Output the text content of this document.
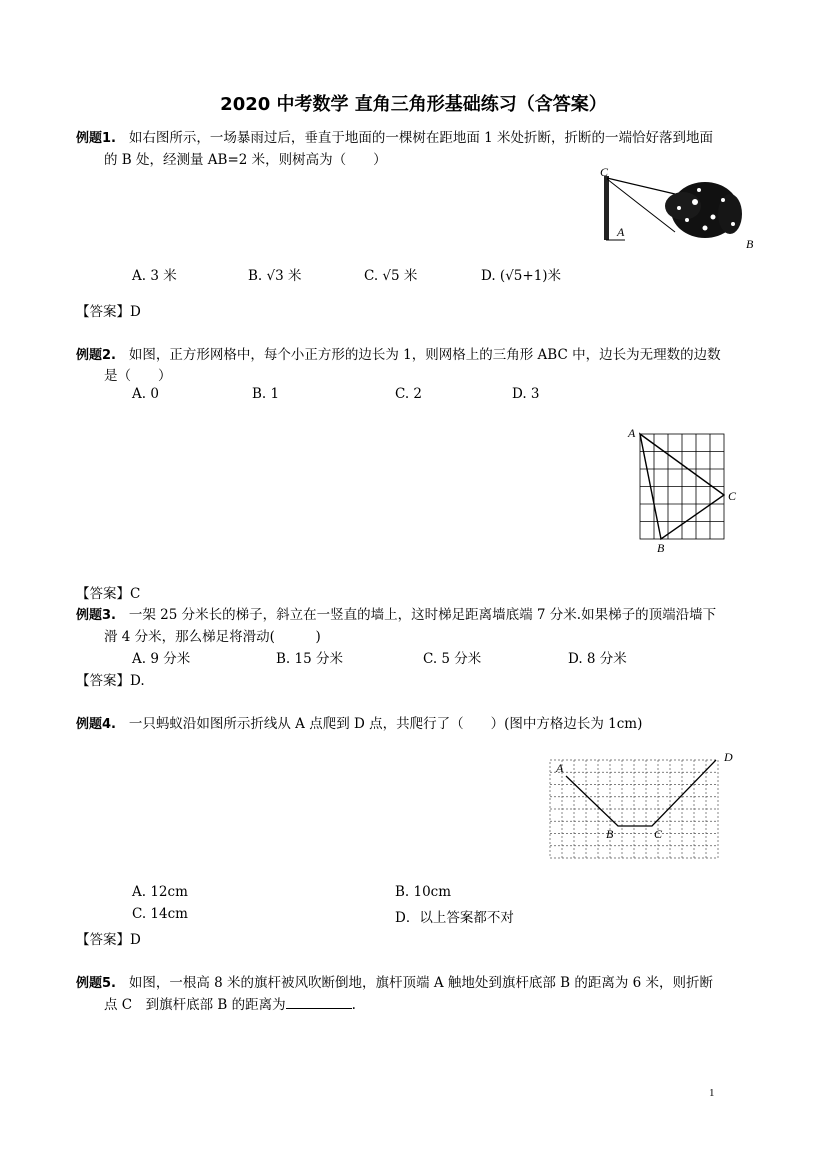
2020 中考数学 直角三角形基础练习（含答案）
例题1. 如右图所示，一场暴雨过后，垂直于地面的一棵树在距地面 1 米处折断，折断的一端恰好落到地面
的 B 处，经测量 AB=2 米，则树高为（　　）
C
A
B
A. 3 米	B. √3 米	C. √5 米	D. (√5+1)米
【答案】D
例题2. 如图，正方形网格中，每个小正方形的边长为 1，则网格上的三角形 ABC 中，边长为无理数的边数
是（　　）
A. 0	B. 1	C. 2	D. 3
A
C
B
【答案】C
例题3. 一架 25 分米长的梯子，斜立在一竖直的墙上，这时梯足距离墙底端 7 分米.如果梯子的顶端沿墙下
滑 4 分米，那么梯足将滑动(　　　)
A. 9 分米	B. 15 分米	C. 5 分米	D. 8 分米
【答案】D.
例题4. 一只蚂蚁沿如图所示折线从 A 点爬到 D 点，共爬行了（　　）(图中方格边长为 1cm)
A
B	C
D
A. 12cm	B. 10cm
C. 14cm	D．以上答案都不对
【答案】D
例题5. 如图，一根高 8 米的旗杆被风吹断倒地，旗杆顶端 A 触地处到旗杆底部 B 的距离为 6 米，则折断
点 C　到旗杆底部 B 的距离为	.
1
